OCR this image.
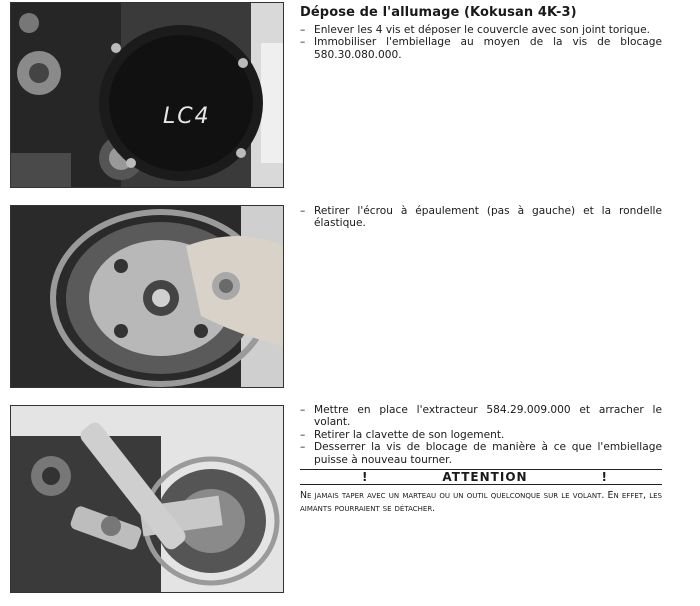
LC4
Dépose de l'allumage (Kokusan 4K-3)
– Enlever les 4 vis et déposer le couvercle avec son joint torique.
– Immobiliser l'embiellage au moyen de la vis de blocage 580.30.080.000.
– Retirer l'écrou à épaulement (pas à gauche) et la rondelle élastique.
– Mettre en place l'extracteur 584.29.009.000 et arracher le volant.
– Retirer la clavette de son logement.
– Desserrer la vis de blocage de manière à ce que l'embiellage puisse à nouveau tourner.
!	ATTENTION	!
Ne jamais taper avec un marteau ou un outil quelconque sur le volant. En effet, les aimants pourraient se détacher.
